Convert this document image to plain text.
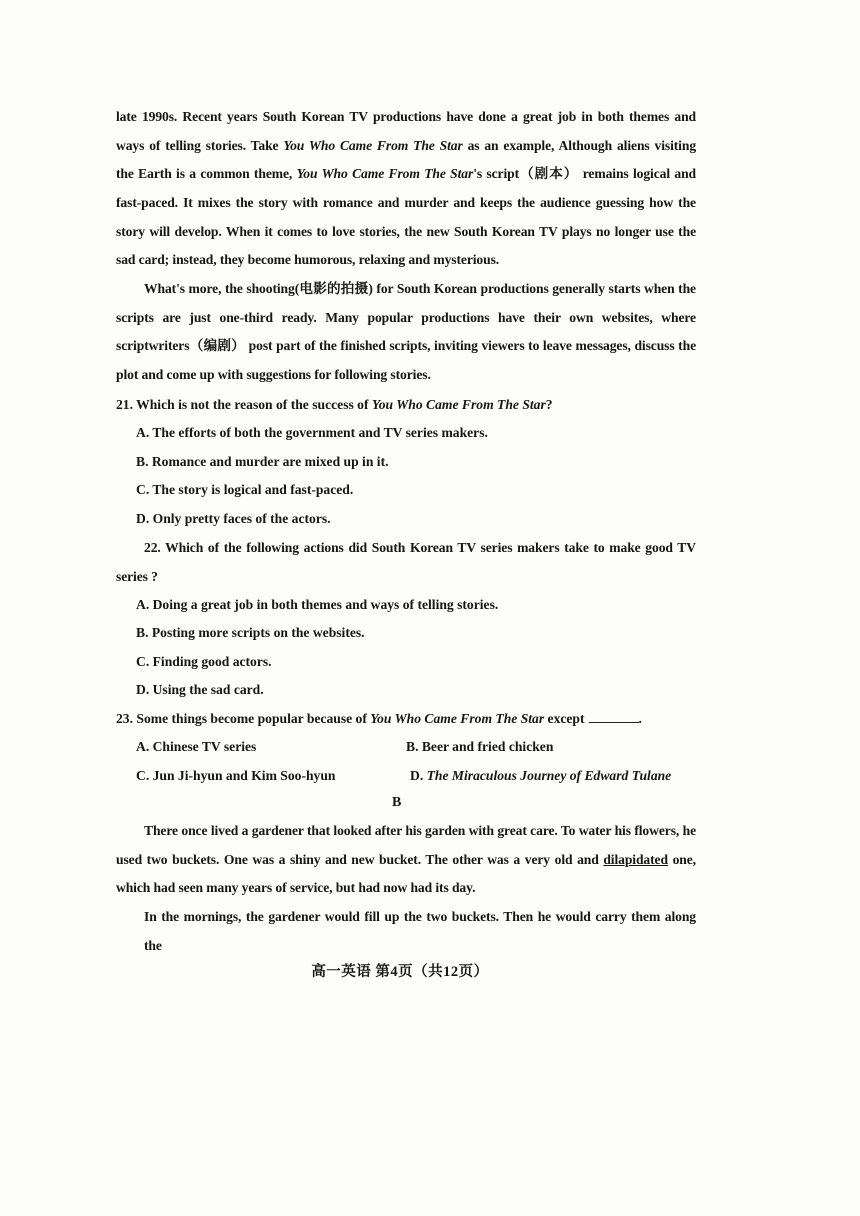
late 1990s. Recent years South Korean TV productions have done a great job in both themes and
ways of telling stories. Take You Who Came From The Star as an example, Although aliens visiting
the Earth is a common theme, You Who Came From The Star's script（剧本） remains logical and
fast-paced. It mixes the story with romance and murder and keeps the audience guessing how the
story will develop. When it comes to love stories, the new South Korean TV plays no longer use the
sad card; instead, they become humorous, relaxing and mysterious.
What's more, the shooting(电影的拍摄) for South Korean productions generally starts when the
scripts are just one-third ready. Many popular productions have their own websites, where
scriptwriters（编剧） post part of the finished scripts, inviting viewers to leave messages, discuss the
plot and come up with suggestions for following stories.
21. Which is not the reason of the success of You Who Came From The Star?
A. The efforts of both the government and TV series makers.
B. Romance and murder are mixed up in it.
C. The story is logical and fast-paced.
D. Only pretty faces of the actors.
22. Which of the following actions did South Korean TV series makers take to make good TV
series ?
A. Doing a great job in both themes and ways of telling stories.
B. Posting more scripts on the websites.
C. Finding good actors.
D. Using the sad card.
23. Some things become popular because of You Who Came From The Star except	.
A. Chinese TV series	B. Beer and fried chicken
C. Jun Ji-hyun and Kim Soo-hyun	D. The Miraculous Journey of Edward Tulane
B
There once lived a gardener that looked after his garden with great care. To water his flowers, he
used two buckets. One was a shiny and new bucket. The other was a very old and dilapidated one,
which had seen many years of service, but had now had its day.
In the mornings, the gardener would fill up the two buckets. Then he would carry them along the
高一英语 第4页（共12页）
